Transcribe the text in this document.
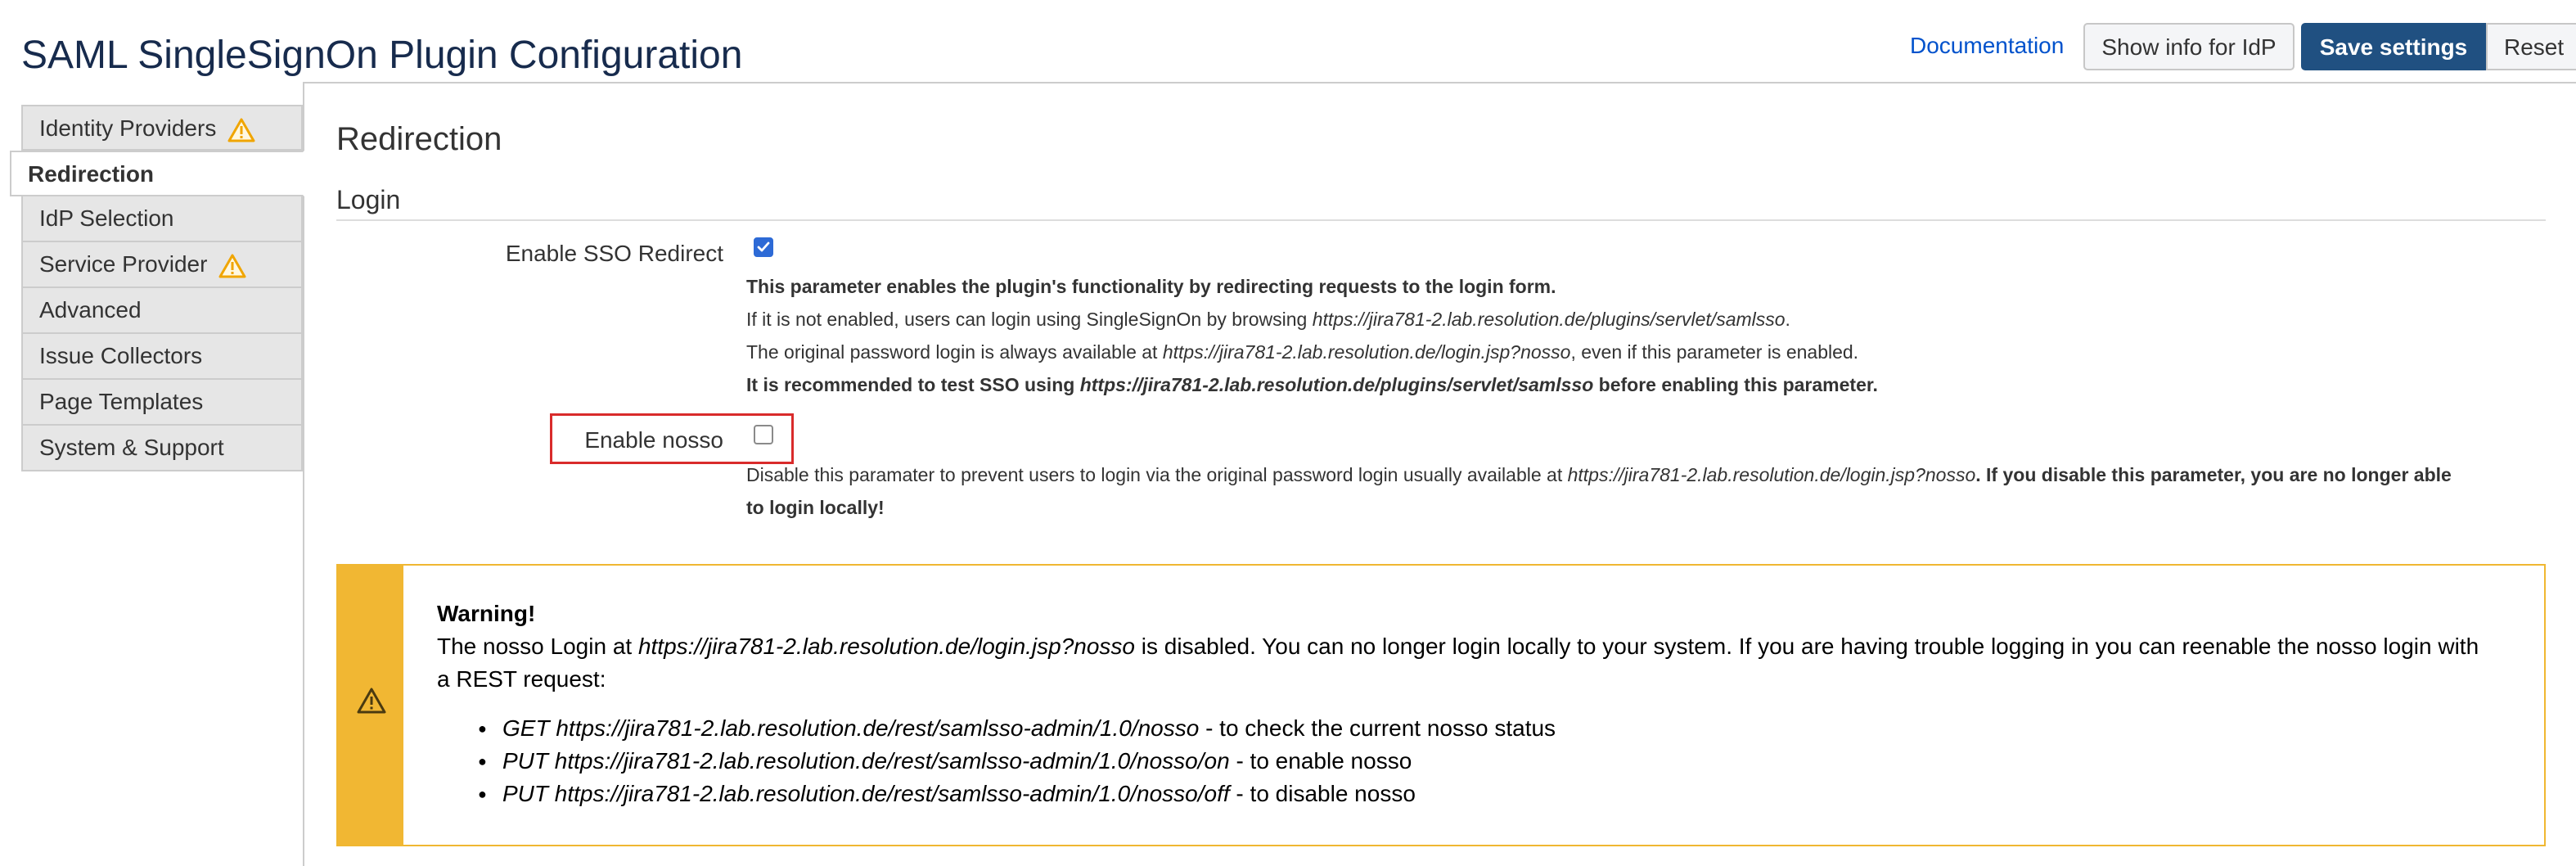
SAML SingleSignOn Plugin Configuration	Documentation	Show info for IdP	Save settings	Reset
Identity Providers
Redirection
IdP Selection
Service Provider
Advanced
Issue Collectors
Page Templates
System & Support
Redirection
Login
Enable SSO Redirect
This parameter enables the plugin's functionality by redirecting requests to the login form.
If it is not enabled, users can login using SingleSignOn by browsing https://jira781-2.lab.resolution.de/plugins/servlet/samlsso.
The original password login is always available at https://jira781-2.lab.resolution.de/login.jsp?nosso, even if this parameter is enabled.
It is recommended to test SSO using https://jira781-2.lab.resolution.de/plugins/servlet/samlsso before enabling this parameter.
Enable nosso
Disable this paramater to prevent users to login via the original password login usually available at https://jira781-2.lab.resolution.de/login.jsp?nosso. If you disable this parameter, you are no longer able
to login locally!
Warning!
The nosso Login at https://jira781-2.lab.resolution.de/login.jsp?nosso is disabled. You can no longer login locally to your system. If you are having trouble logging in you can reenable the nosso login with
a REST request:
● GET https://jira781-2.lab.resolution.de/rest/samlsso-admin/1.0/nosso - to check the current nosso status
● PUT https://jira781-2.lab.resolution.de/rest/samlsso-admin/1.0/nosso/on - to enable nosso
● PUT https://jira781-2.lab.resolution.de/rest/samlsso-admin/1.0/nosso/off - to disable nosso
